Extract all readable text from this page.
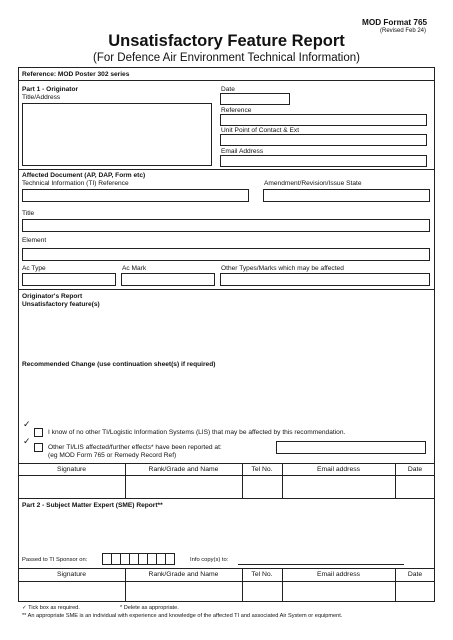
MOD Format 765
(Revised Feb 24)
Unsatisfactory Feature Report
(For Defence Air Environment Technical Information)
Reference: MOD Poster 302 series
Part 1 - Originator
Title/Address
Date
Reference
Unit Point of Contact & Ext
Email Address
Affected Document (AP, DAP, Form etc)
Technical Information (TI) Reference	Amendment/Revision/Issue State
Title
Element
Ac Type	Ac Mark	Other Types/Marks which may be affected
Originator's Report
Unsatisfactory feature(s)
Recommended Change (use continuation sheet(s) if required)
✓
I know of no other TI/Logistic Information Systems (LIS) that may be affected by this recommendation.
✓
Other TI/LIS affected/further effects* have been reported at:
(eg MOD Form 765 or Remedy Record Ref)
Signature	Rank/Grade and Name	Tel No.	Email address	Date
Part 2 - Subject Matter Expert (SME) Report**
Passed to TI Sponsor on:	Info copy(s) to:
Signature	Rank/Grade and Name	Tel No.	Email address	Date
✓ Tick box as required.	* Delete as appropriate.
** An appropriate SME is an individual with experience and knowledge of the affected TI and associated Air System or equipment.
